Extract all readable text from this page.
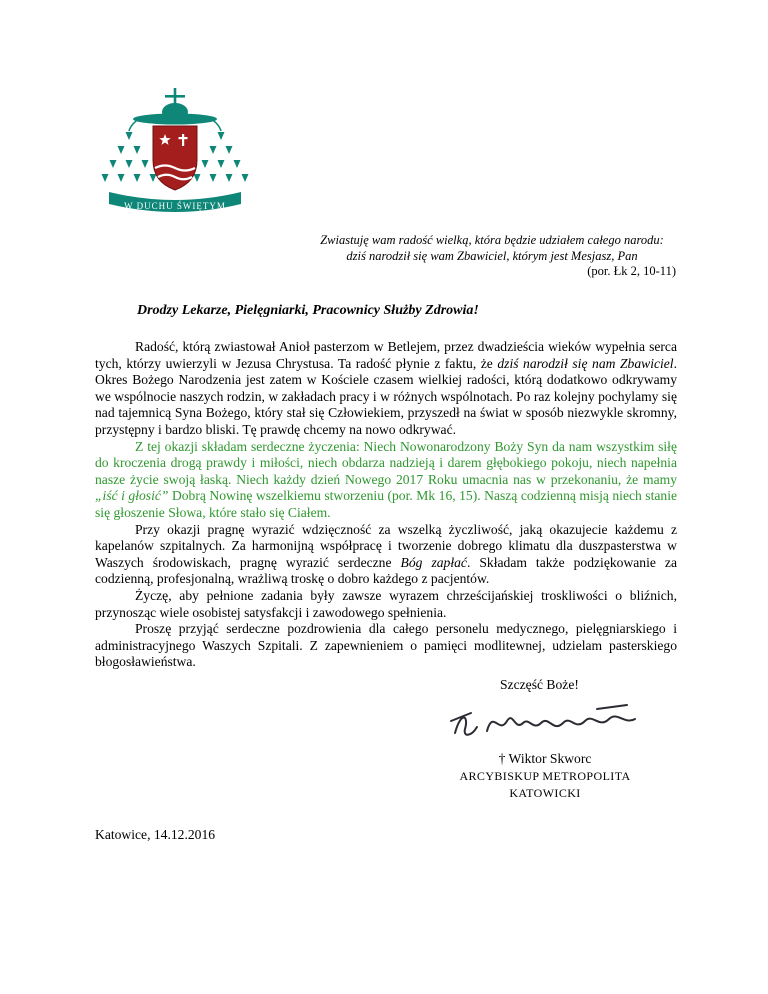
W DUCHU ŚWIĘTYM
Zwiastuję wam radość wielką, która będzie udziałem całego narodu:
dziś narodził się wam Zbawiciel, którym jest Mesjasz, Pan
(por. Łk 2, 10-11)
Drodzy Lekarze, Pielęgniarki, Pracownicy Służby Zdrowia!

Radość, którą zwiastował Anioł pasterzom w Betlejem, przez dwadzieścia wieków wypełnia serca tych, którzy uwierzyli w Jezusa Chrystusa. Ta radość płynie z faktu, że dziś narodził się nam Zbawiciel. Okres Bożego Narodzenia jest zatem w Kościele czasem wielkiej radości, którą dodatkowo odkrywamy we wspólnocie naszych rodzin, w zakładach pracy i w różnych wspólnotach. Po raz kolejny pochylamy się nad tajemnicą Syna Bożego, który stał się Człowiekiem, przyszedł na świat w sposób niezwykle skromny, przystępny i bardzo bliski. Tę prawdę chcemy na nowo odkrywać.

Z tej okazji składam serdeczne życzenia: Niech Nowonarodzony Boży Syn da nam wszystkim siłę do kroczenia drogą prawdy i miłości, niech obdarza nadzieją i darem głębokiego pokoju, niech napełnia nasze życie swoją łaską. Niech każdy dzień Nowego 2017 Roku umacnia nas w przekonaniu, że mamy „iść i głosić” Dobrą Nowinę wszelkiemu stworzeniu (por. Mk 16, 15). Naszą codzienną misją niech stanie się głoszenie Słowa, które stało się Ciałem.

Przy okazji pragnę wyrazić wdzięczność za wszelką życzliwość, jaką okazujecie każdemu z kapelanów szpitalnych. Za harmonijną współpracę i tworzenie dobrego klimatu dla duszpasterstwa w Waszych środowiskach, pragnę wyrazić serdeczne Bóg zapłać. Składam także podziękowanie za codzienną, profesjonalną, wrażliwą troskę o dobro każdego z pacjentów.

Życzę, aby pełnione zadania były zawsze wyrazem chrześcijańskiej troskliwości o bliźnich, przynosząc wiele osobistej satysfakcji i zawodowego spełnienia.

Proszę przyjąć serdeczne pozdrowienia dla całego personelu medycznego, pielęgniarskiego i administracyjnego Waszych Szpitali. Z zapewnieniem o pamięci modlitewnej, udzielam pasterskiego błogosławieństwa.

Szczęść Boże!
† Wiktor Skworc
ARCYBISKUP METROPOLITA
KATOWICKI
Katowice, 14.12.2016
